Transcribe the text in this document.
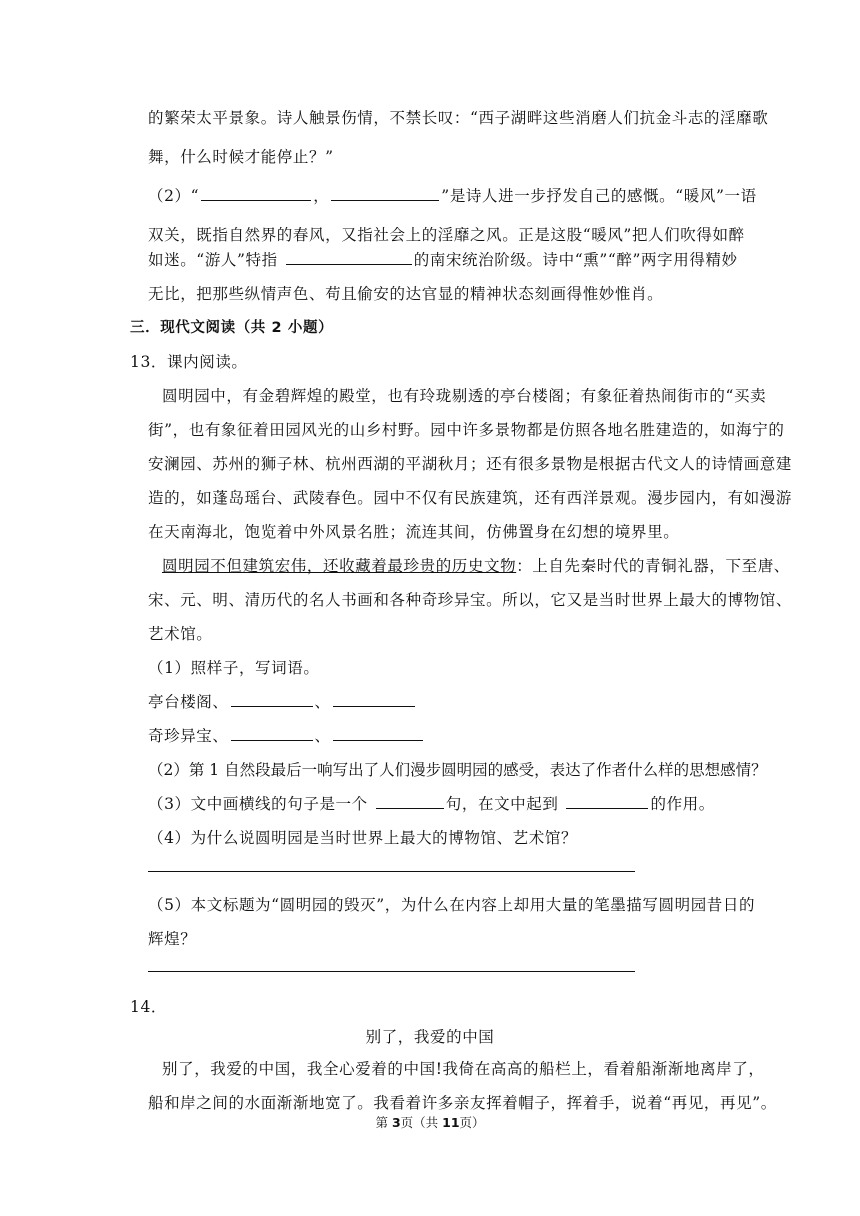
的繁荣太平景象。诗人触景伤情，不禁长叹：“西子湖畔这些消磨人们抗金斗志的淫靡歌
舞，什么时候才能停止？”
（2）“	，	”是诗人进一步抒发自己的感慨。“暖风”一语
双关，既指自然界的春风，又指社会上的淫靡之风。正是这股“暖风”把人们吹得如醉
如迷。“游人”特指	的南宋统治阶级。诗中“熏”“醉”两字用得精妙
无比，把那些纵情声色、苟且偷安的达官显的精神状态刻画得惟妙惟肖。
三．现代文阅读（共 2 小题）
13．课内阅读。
圆明园中，有金碧辉煌的殿堂，也有玲珑剔透的亭台楼阁；有象征着热闹街市的“买卖
街”，也有象征着田园风光的山乡村野。园中许多景物都是仿照各地名胜建造的，如海宁的
安澜园、苏州的狮子林、杭州西湖的平湖秋月；还有很多景物是根据古代文人的诗情画意建
造的，如蓬岛瑶台、武陵春色。园中不仅有民族建筑，还有西洋景观。漫步园内，有如漫游
在天南海北，饱览着中外风景名胜；流连其间，仿佛置身在幻想的境界里。
圆明园不但建筑宏伟，还收藏着最珍贵的历史文物：上自先秦时代的青铜礼器，下至唐、
宋、元、明、清历代的名人书画和各种奇珍异宝。所以，它又是当时世界上最大的博物馆、
艺术馆。
（1）照样子，写词语。
亭台楼阁、	、
奇珍异宝、	、
（2）第 1 自然段最后一响写出了人们漫步圆明园的感受，表达了作者什么样的思想感情？
（3）文中画横线的句子是一个	句，在文中起到	的作用。
（4）为什么说圆明园是当时世界上最大的博物馆、艺术馆？
（5）本文标题为“圆明园的毁灭”，为什么在内容上却用大量的笔墨描写圆明园昔日的
辉煌？
14．
别了，我爱的中国
别了，我爱的中国，我全心爱着的中国!我倚在高高的船栏上，看着船渐渐地离岸了，
船和岸之间的水面渐渐地宽了。我看着许多亲友挥着帽子，挥着手，说着“再见，再见”。
第 3页（共 11页）
